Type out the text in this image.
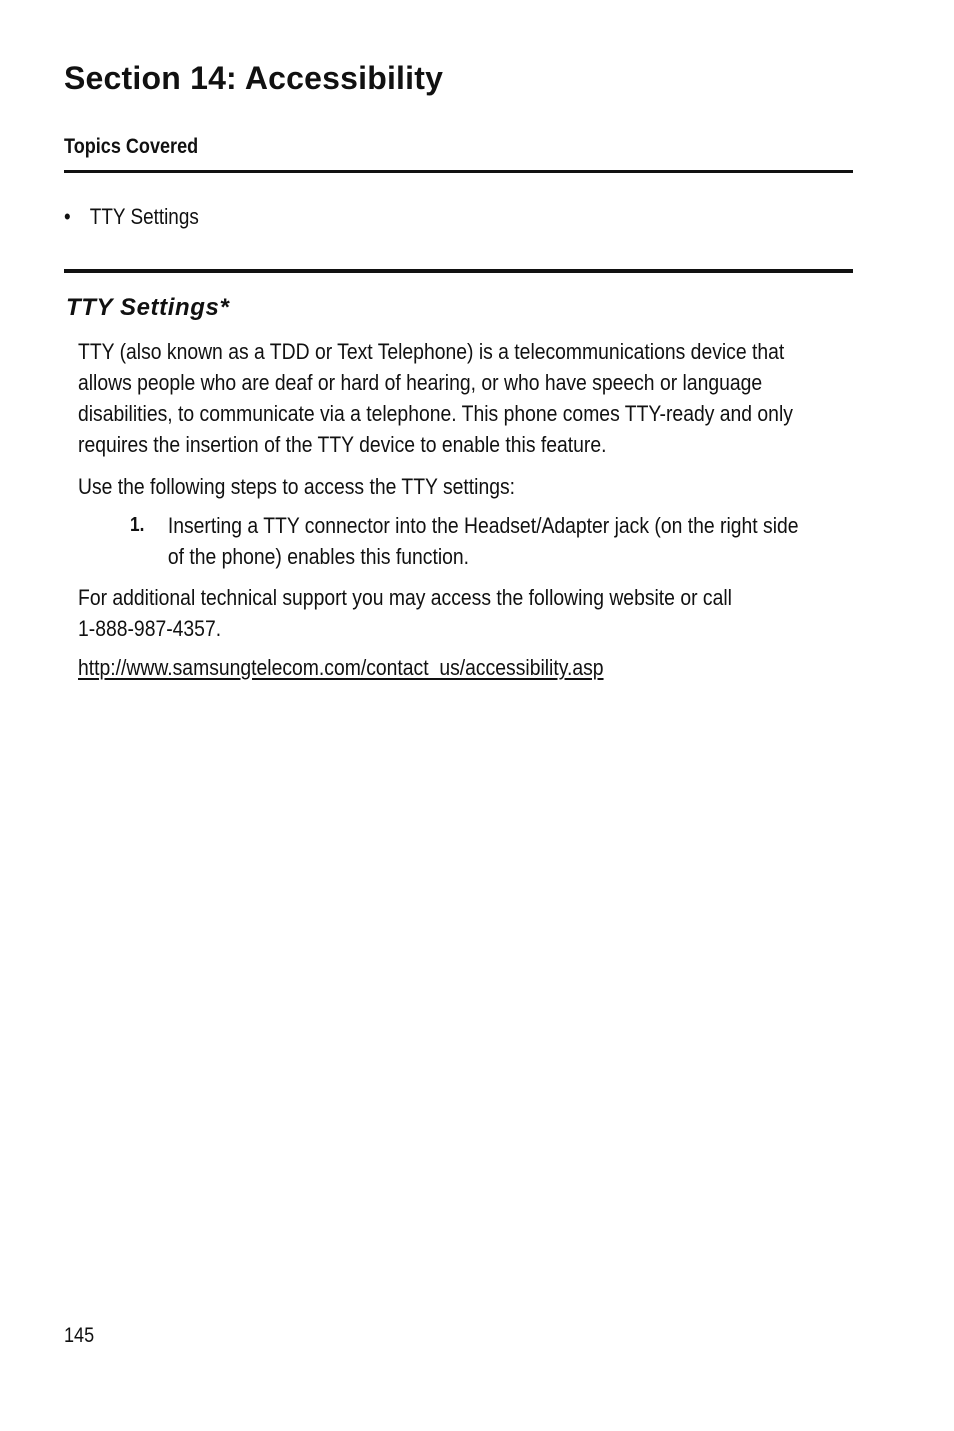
Section 14: Accessibility
Topics Covered
• TTY Settings
TTY Settings*

TTY (also known as a TDD or Text Telephone) is a telecommunications device that

allows people who are deaf or hard of hearing, or who have speech or language

disabilities, to communicate via a telephone. This phone comes TTY-ready and only

requires the insertion of the TTY device to enable this feature.

Use the following steps to access the TTY settings:

1. Inserting a TTY connector into the Headset/Adapter jack (on the right side
of the phone) enables this function.

For additional technical support you may access the following website or call

1-888-987-4357.

http://www.samsungtelecom.com/contact_us/accessibility.asp
145
